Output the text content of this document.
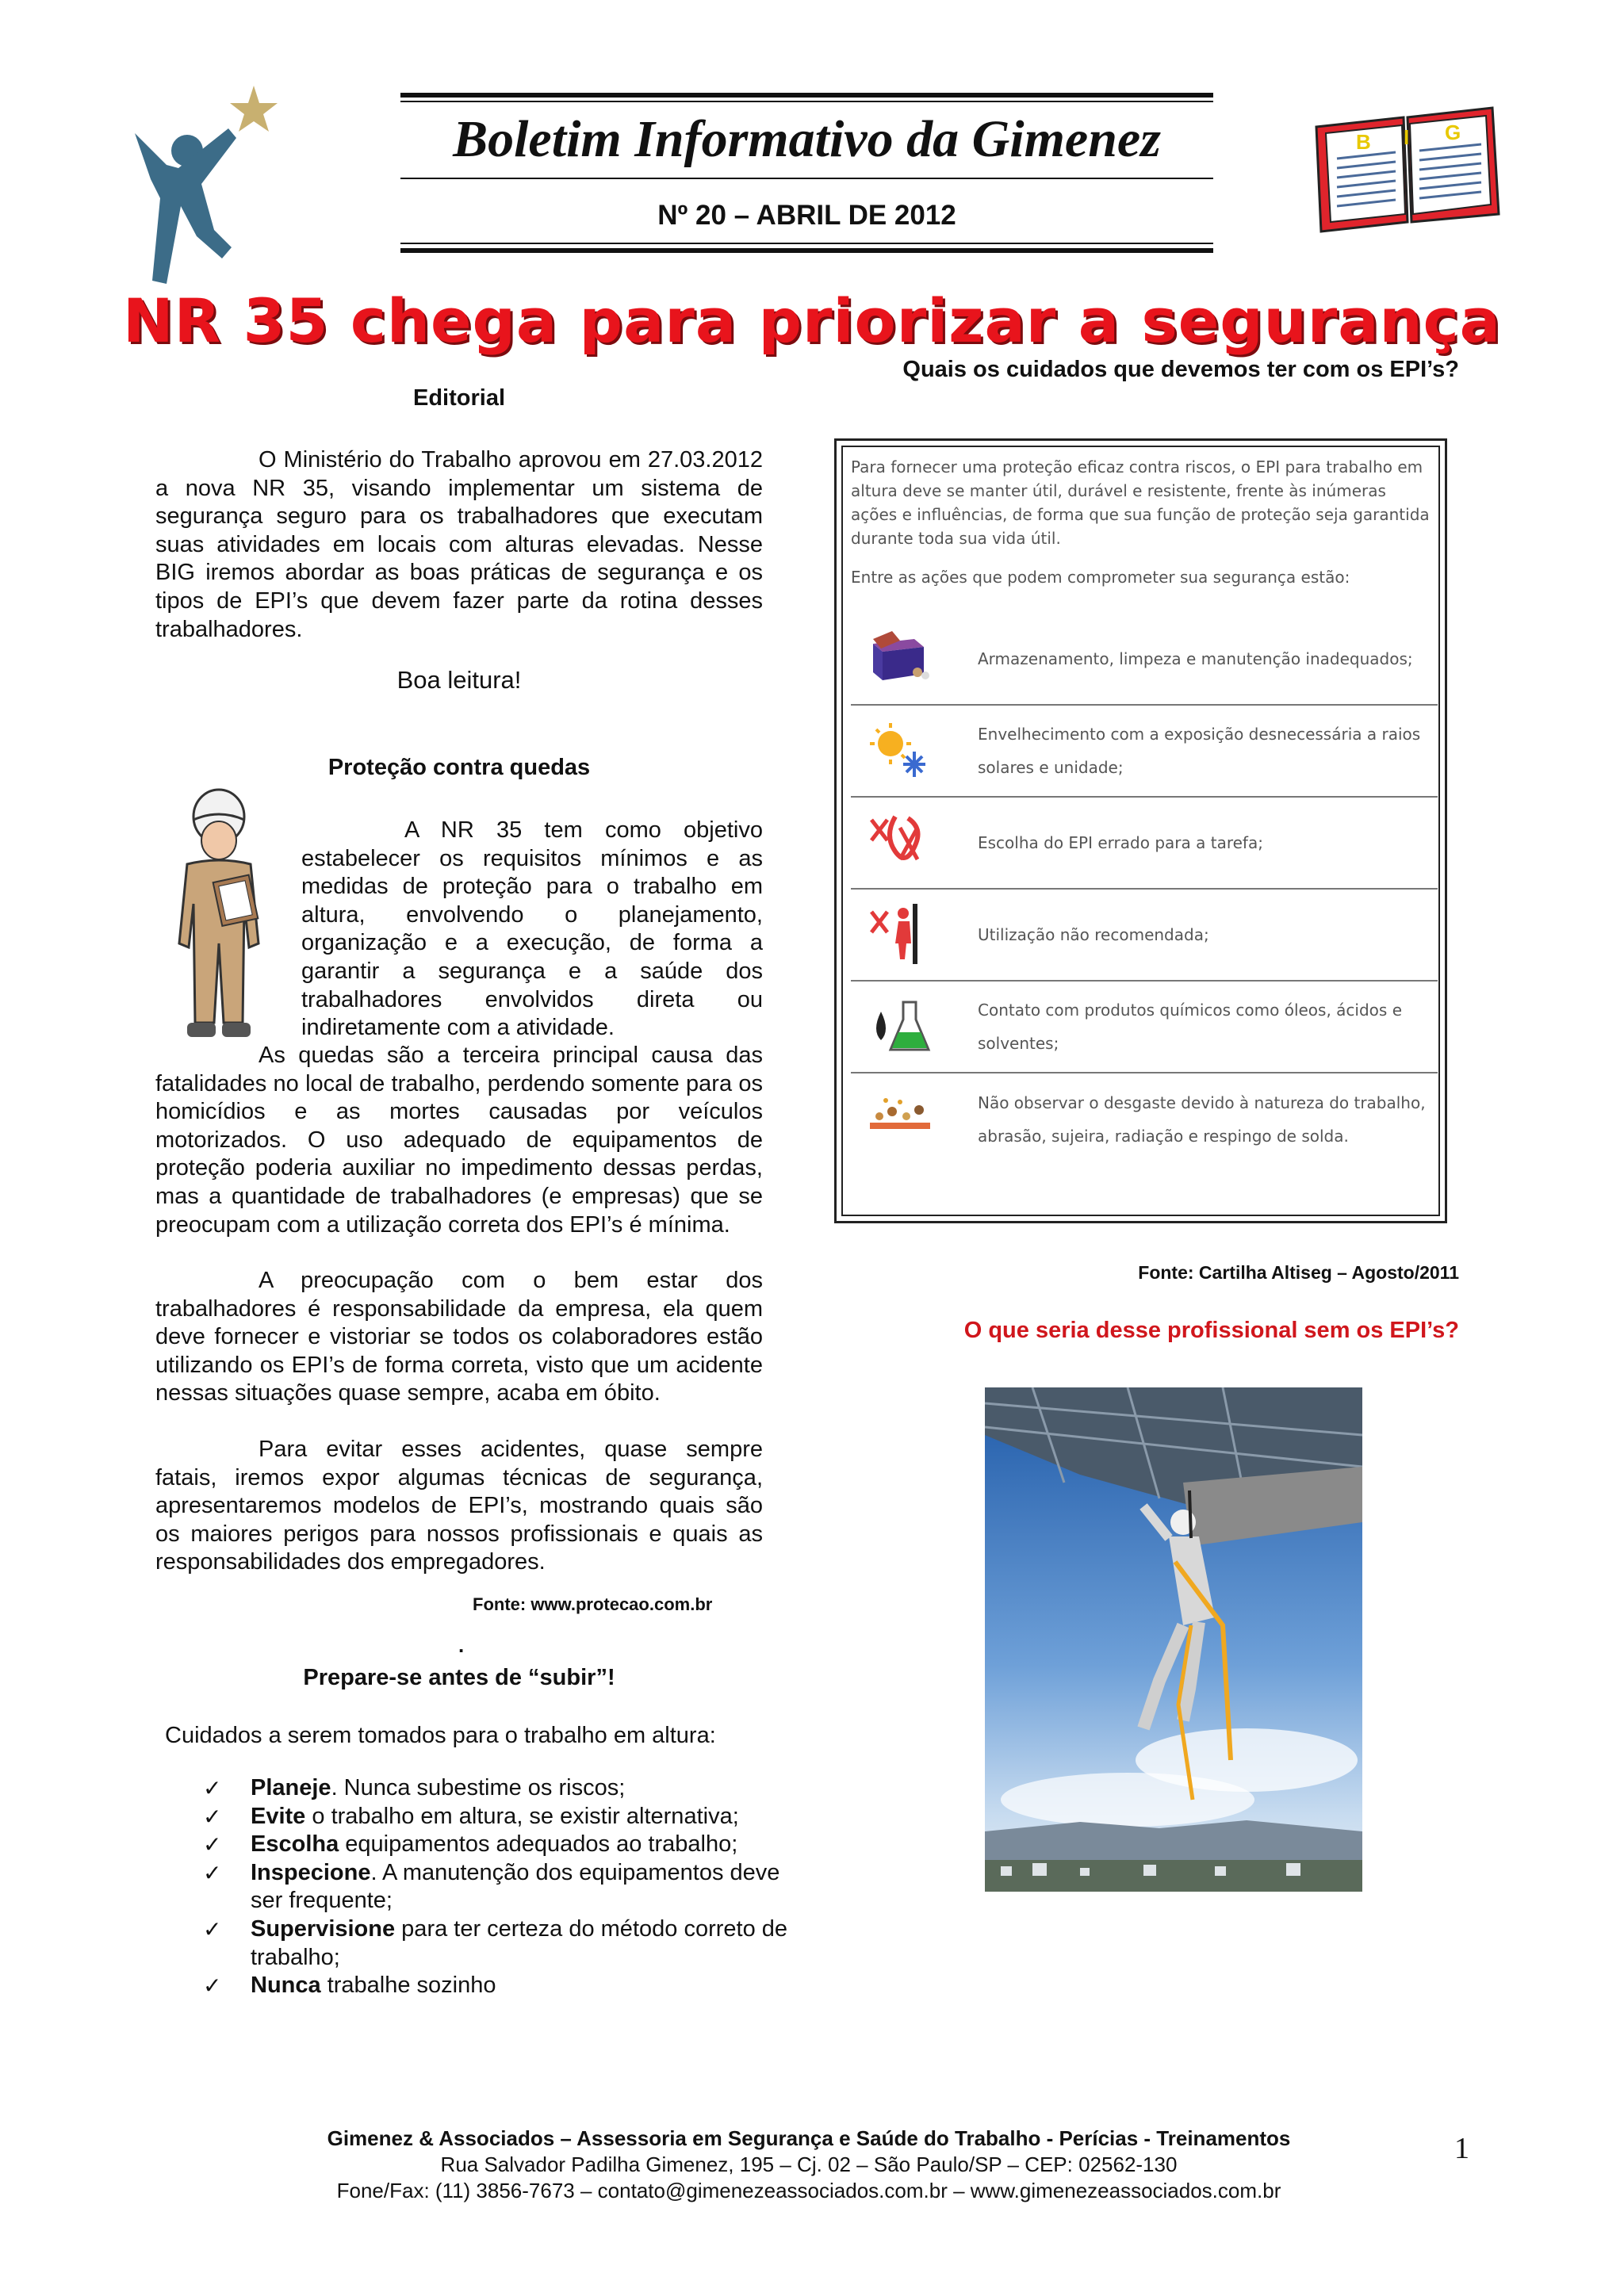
Boletim Informativo da Gimenez
Nº 20 – ABRIL DE 2012
B I G
NR 35 chega para priorizar a segurança
Editorial

O Ministério do Trabalho aprovou em 27.03.2012 a nova NR 35, visando implementar um sistema de segurança seguro para os trabalhadores que executam suas atividades em locais com alturas elevadas. Nesse BIG iremos abordar as boas práticas de segurança e os tipos de EPI’s que devem fazer parte da rotina desses trabalhadores.

Boa leitura!
Proteção contra quedas

A NR 35 tem como objetivo estabelecer os requisitos mínimos e as medidas de proteção para o trabalho em altura, envolvendo o planejamento, organização e a execução, de forma a garantir a segurança e a saúde dos trabalhadores envolvidos direta ou indiretamente com a atividade.

As quedas são a terceira principal causa das fatalidades no local de trabalho, perdendo somente para os homicídios e as mortes causadas por veículos motorizados. O uso adequado de equipamentos de proteção poderia auxiliar no impedimento dessas perdas, mas a quantidade de trabalhadores (e empresas) que se preocupam com a utilização correta dos EPI’s é mínima.

A preocupação com o bem estar dos trabalhadores é responsabilidade da empresa, ela quem deve fornecer e vistoriar se todos os colaboradores estão utilizando os EPI’s de forma correta, visto que um acidente nessas situações quase sempre, acaba em óbito.

Para evitar esses acidentes, quase sempre fatais, iremos expor algumas técnicas de segurança, apresentaremos modelos de EPI’s, mostrando quais são os maiores perigos para nossos profissionais e quais as responsabilidades dos empregadores.

Fonte: www.protecao.com.br
.
Prepare-se antes de “subir”!
Cuidados a serem tomados para o trabalho em altura:
✓ Planeje. Nunca subestime os riscos;
✓ Evite o trabalho em altura, se existir alternativa;
✓ Escolha equipamentos adequados ao trabalho;
✓ Inspecione. A manutenção dos equipamentos deve ser frequente;
✓ Supervisione para ter certeza do método correto de trabalho;
✓ Nunca trabalhe sozinho
Quais os cuidados que devemos ter com os EPI’s?
Para fornecer uma proteção eficaz contra riscos, o EPI para trabalho em altura deve se manter útil, durável e resistente, frente às inúmeras ações e influências, de forma que sua função de proteção seja garantida durante toda sua vida útil.
Entre as ações que podem comprometer sua segurança estão:
Armazenamento, limpeza e manutenção inadequados;
Envelhecimento com a exposição desnecessária a raios solares e unidade;
Escolha do EPI errado para a tarefa;
Utilização não recomendada;
Contato com produtos químicos como óleos, ácidos e solventes;
Não observar o desgaste devido à natureza do trabalho, abrasão, sujeira, radiação e respingo de solda.
Fonte: Cartilha Altiseg – Agosto/2011
O que seria desse profissional sem os EPI’s?
Gimenez & Associados – Assessoria em Segurança e Saúde do Trabalho - Perícias - Treinamentos
Rua Salvador Padilha Gimenez, 195 – Cj. 02 – São Paulo/SP – CEP: 02562-130
Fone/Fax: (11) 3856-7673 – contato@gimenezeassociados.com.br – www.gimenezeassociados.com.br
1
